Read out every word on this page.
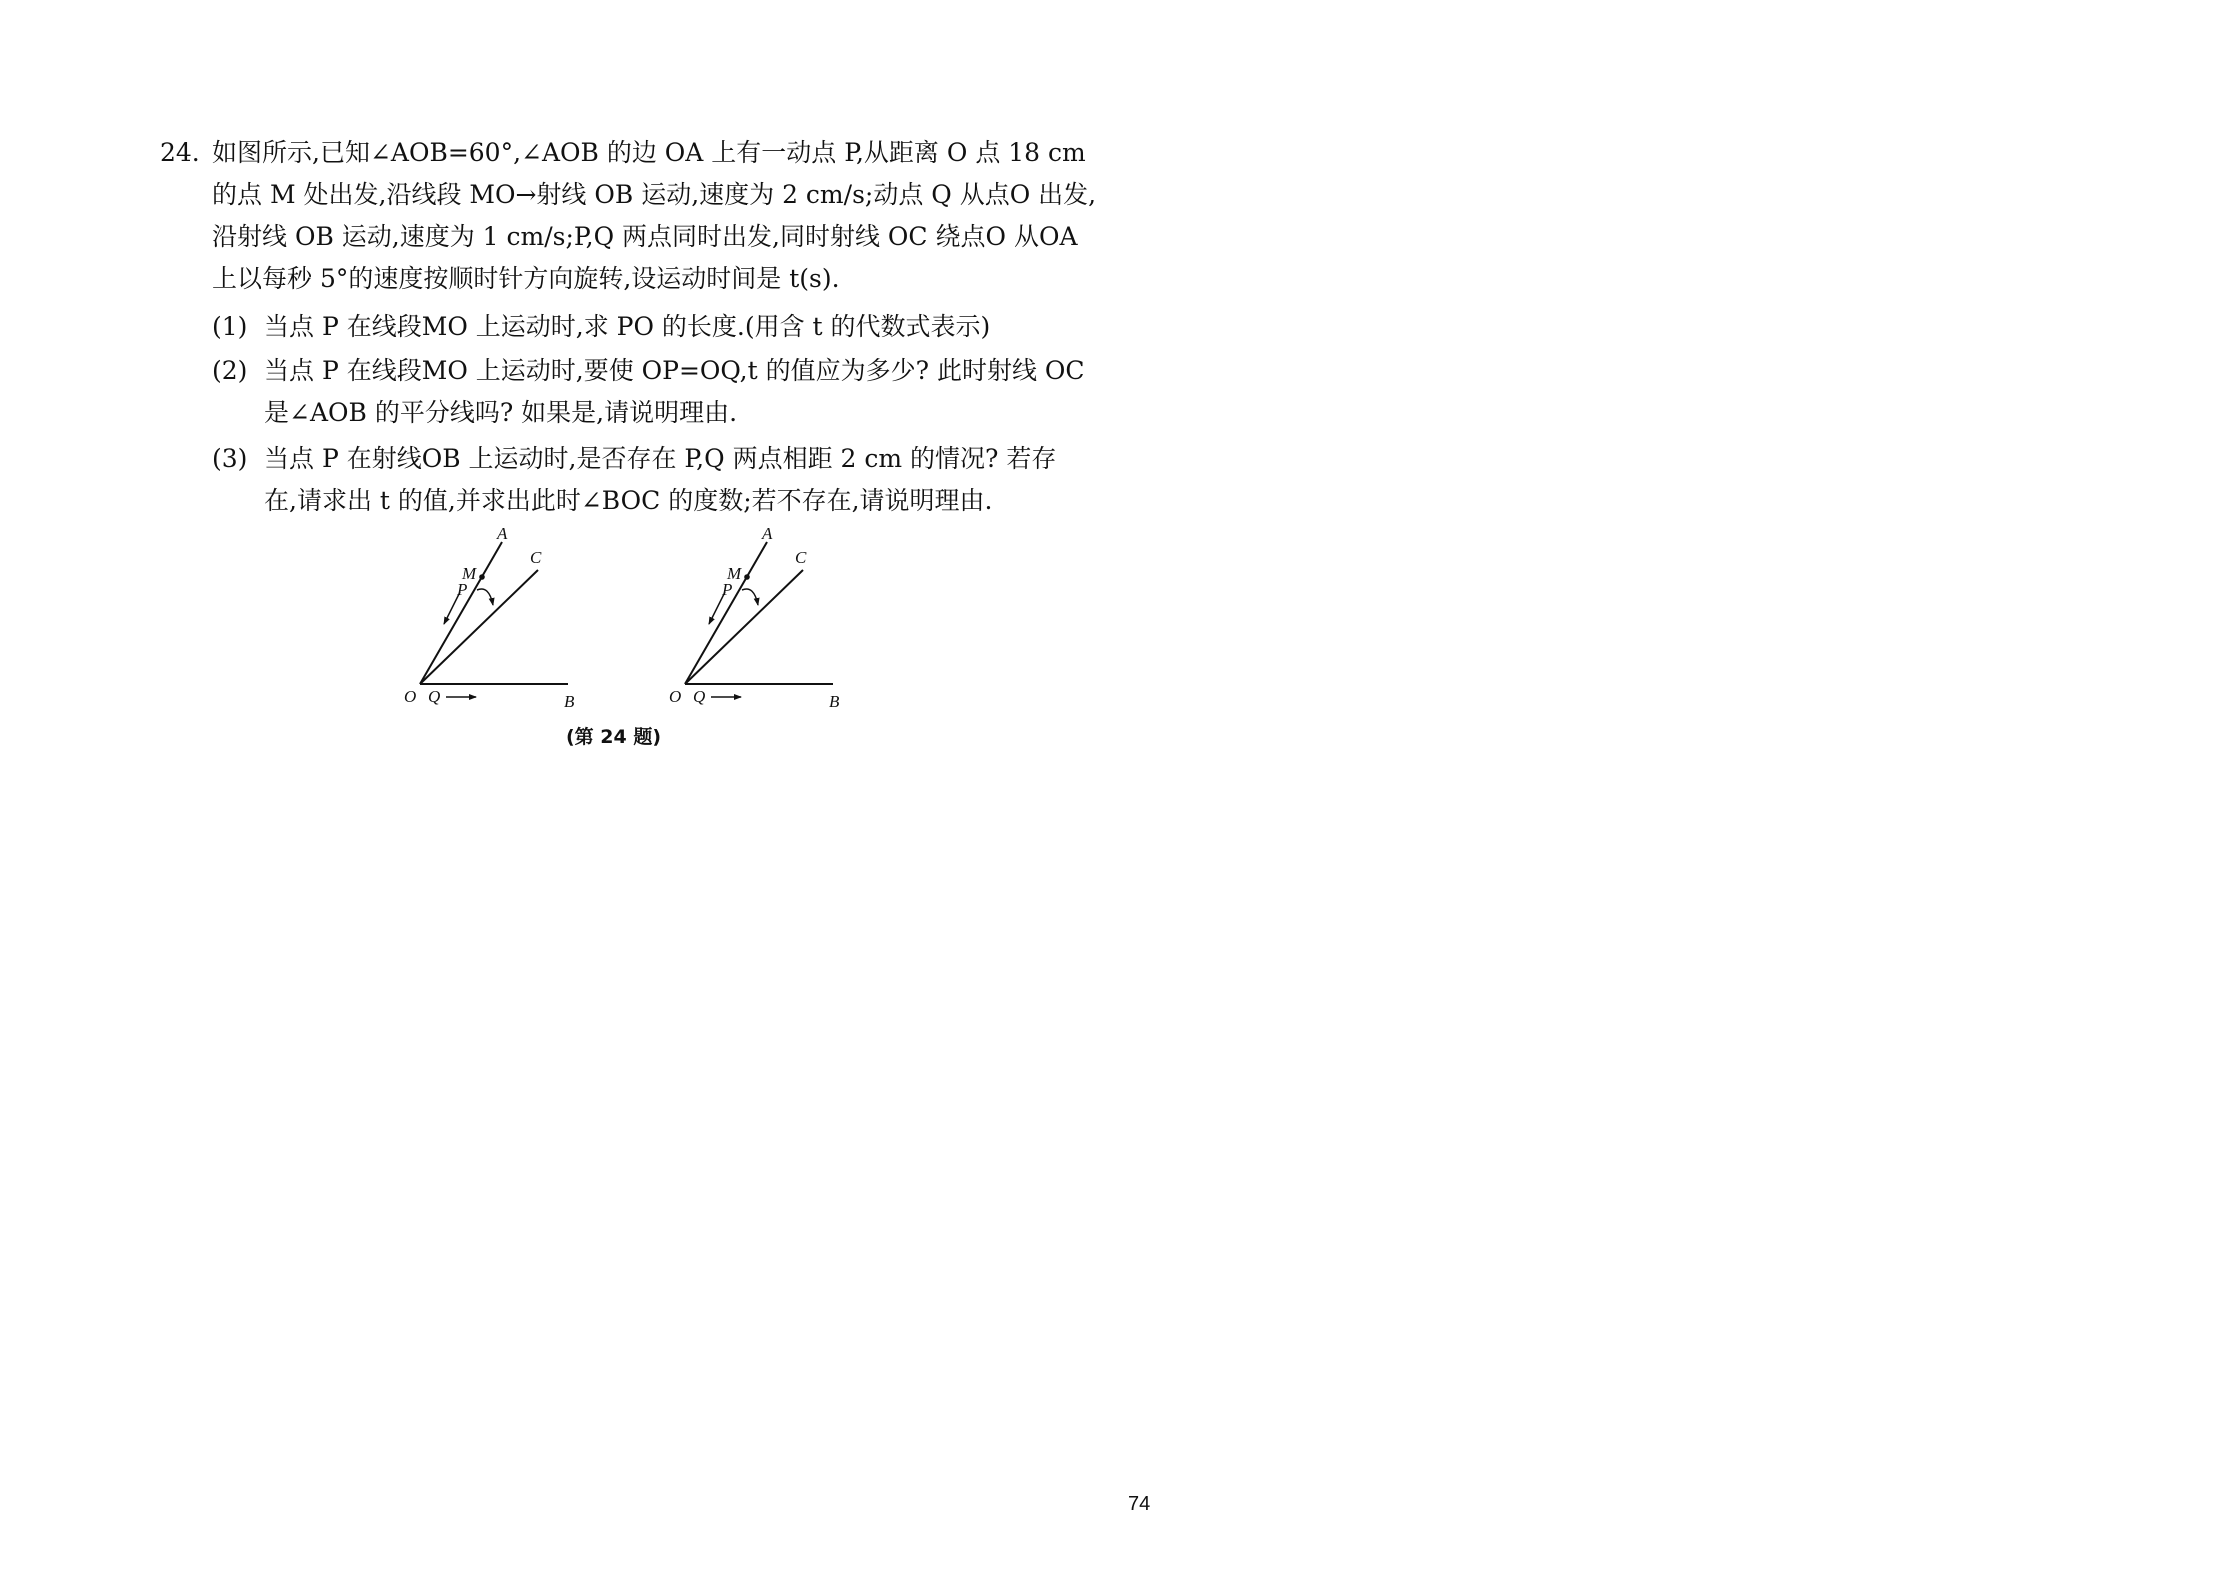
24. 如图所示,已知∠AOB=60°,∠AOB 的边 OA 上有一动点 P,从距离 O 点 18 cm
的点 M 处出发,沿线段 MO→射线 OB 运动,速度为 2 cm/s;动点 Q 从点O 出发,
沿射线 OB 运动,速度为 1 cm/s;P,Q 两点同时出发,同时射线 OC 绕点O 从OA
上以每秒 5°的速度按顺时针方向旋转,设运动时间是 t(s).
(1) 当点 P 在线段MO 上运动时,求 PO 的长度.(用含 t 的代数式表示)
(2) 当点 P 在线段MO 上运动时,要使 OP=OQ,t 的值应为多少? 此时射线 OC
是∠AOB 的平分线吗? 如果是,请说明理由.
(3) 当点 P 在射线OB 上运动时,是否存在 P,Q 两点相距 2 cm 的情况? 若存
在,请求出 t 的值,并求出此时∠BOC 的度数;若不存在,请说明理由.
A
C
M
P
O Q	B
A
C
M
P
O Q	B
(第 24 题)
74
